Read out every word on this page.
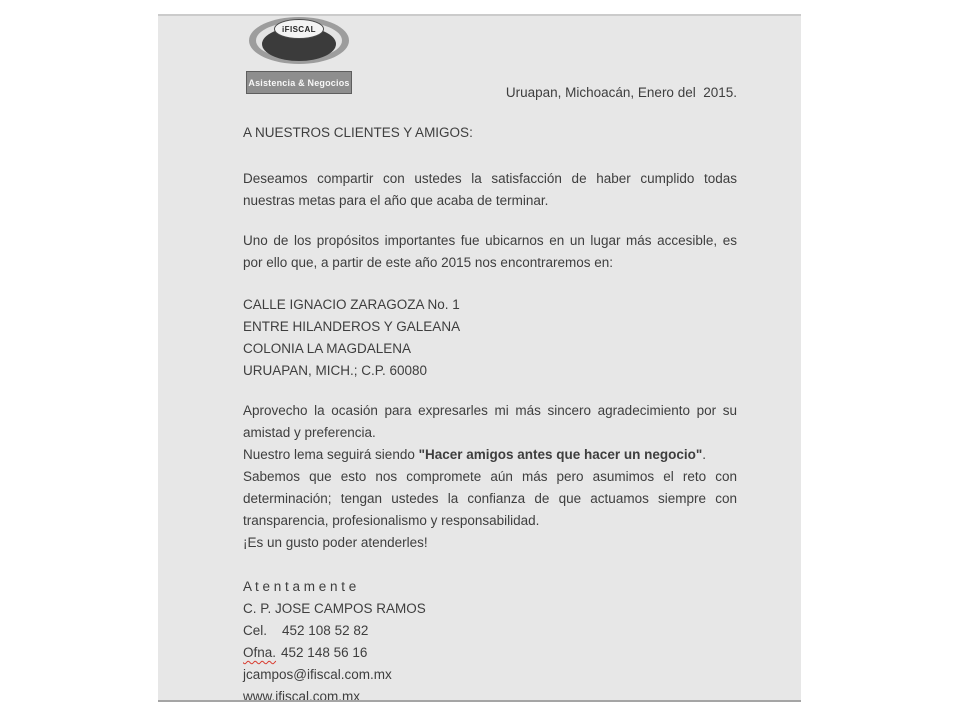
iFISCAL
Asistencia & Negocios

Uruapan, Michoacán, Enero del  2015.

A NUESTROS CLIENTES Y AMIGOS:

Deseamos compartir con ustedes la satisfacción de haber cumplido todas nuestras metas para el año que acaba de terminar.

Uno de los propósitos importantes fue ubicarnos en un lugar más accesible, es por ello que, a partir de este año 2015 nos encontraremos en:

CALLE IGNACIO ZARAGOZA No. 1
ENTRE HILANDEROS Y GALEANA
COLONIA LA MAGDALENA
URUAPAN, MICH.; C.P. 60080

Aprovecho la ocasión para expresarles mi más sincero agradecimiento por su amistad y preferencia.

Nuestro lema seguirá siendo "Hacer amigos antes que hacer un negocio".

Sabemos que esto nos compromete aún más pero asumimos el reto con determinación; tengan ustedes la confianza de que actuamos siempre con transparencia, profesionalismo y responsabilidad.

¡Es un gusto poder atenderles!

A t e n t a m e n t e
C. P. JOSE CAMPOS RAMOS
Cel. 452 108 52 82
Ofna. 452 148 56 16
jcampos@ifiscal.com.mx
www.ifiscal.com.mx
